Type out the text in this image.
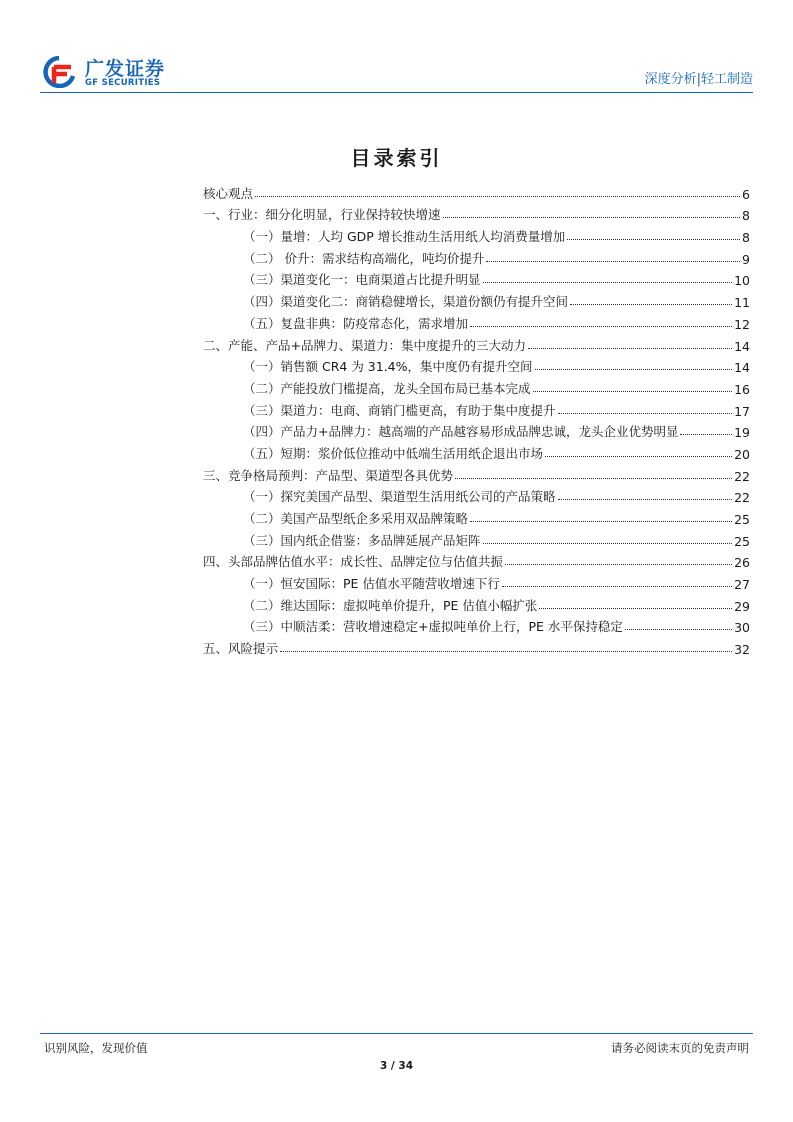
广发证券
GF SECURITIES	深度分析|轻工制造
目录索引
核心观点	6
一、行业：细分化明显，行业保持较快增速	8
（一）量增：人均 GDP 增长推动生活用纸人均消费量增加	8
（二） 价升：需求结构高端化，吨均价提升	9
（三）渠道变化一：电商渠道占比提升明显	10
（四）渠道变化二：商销稳健增长，渠道份额仍有提升空间	11
（五）复盘非典：防疫常态化，需求增加	12
二、产能、产品+品牌力、渠道力：集中度提升的三大动力	14
（一）销售额 CR4 为 31.4%，集中度仍有提升空间	14
（二）产能投放门槛提高，龙头全国布局已基本完成	16
（三）渠道力：电商、商销门槛更高，有助于集中度提升	17
（四）产品力+品牌力：越高端的产品越容易形成品牌忠诚，龙头企业优势明显	19
（五）短期：浆价低位推动中低端生活用纸企退出市场	20
三、竞争格局预判：产品型、渠道型各具优势	22
（一）探究美国产品型、渠道型生活用纸公司的产品策略	22
（二）美国产品型纸企多采用双品牌策略	25
（三）国内纸企借鉴：多品牌延展产品矩阵	25
四、头部品牌估值水平：成长性、品牌定位与估值共振	26
（一）恒安国际：PE 估值水平随营收增速下行	27
（二）维达国际：虚拟吨单价提升，PE 估值小幅扩张	29
（三）中顺洁柔：营收增速稳定+虚拟吨单价上行，PE 水平保持稳定	30
五、风险提示	32
识别风险，发现价值	请务必阅读末页的免责声明
3 / 34
